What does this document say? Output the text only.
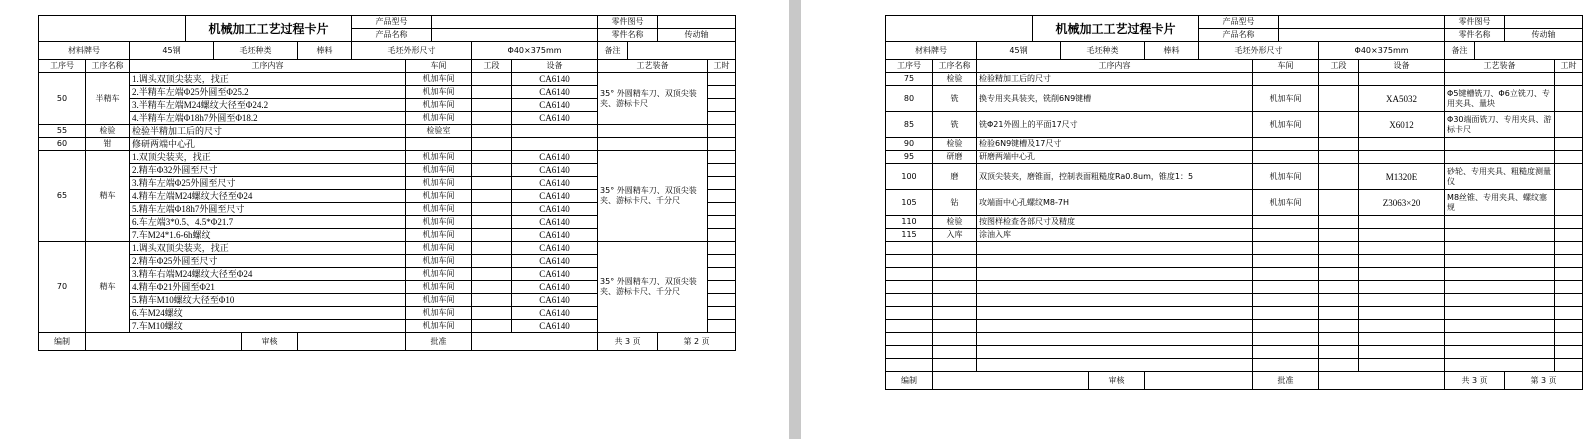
			机械加工工艺过程卡片				产品型号					零件图号			
							产品名称					零件名称		传动轴	
材料牌号		45钢		毛坯种类		棒料	毛坯外形尺寸			Φ40×375mm		备注			
工序号	工序名称	工序内容						车间		工段	设备	工艺装备			工时
50	半精车	1.调头双顶尖装夹，找正						机加车间			CA6140	35° 外圆精车刀、双顶尖装夹、游标卡尺			
		2.半精车左端Φ25外圆至Φ25.2						机加车间			CA6140				
		3.半精车左端M24螺纹大径至Φ24.2						机加车间			CA6140				
		4.半精车左端Φ18h7外圆至Φ18.2						机加车间			CA6140				
55	检验	检验半精加工后的尺寸						检验室							
60	钳	修研两端中心孔													
65	精车	1.双顶尖装夹，找正						机加车间			CA6140	35° 外圆精车刀、双顶尖装夹、游标卡尺、千分尺			
		2.精车Φ32外圆至尺寸						机加车间			CA6140				
		3.精车左端Φ25外圆至尺寸						机加车间			CA6140				
		4.精车左端M24螺纹大径至Φ24						机加车间			CA6140				
		5.精车左端Φ18h7外圆至尺寸						机加车间			CA6140				
		6.车左端3*0.5、4.5*Φ21.7						机加车间			CA6140				
		7.车M24*1.6-6h螺纹						机加车间			CA6140				
70	精车	1.调头双顶尖装夹，找正						机加车间			CA6140	35° 外圆精车刀、双顶尖装夹、游标卡尺、千分尺			
		2.精车Φ25外圆至尺寸						机加车间			CA6140				
		3.精车右端M24螺纹大径至Φ24						机加车间			CA6140				
		4.精车Φ21外圆至Φ21						机加车间			CA6140				
		5.精车M10螺纹大径至Φ10						机加车间			CA6140				
		6.车M24螺纹						机加车间			CA6140				
		7.车M10螺纹						机加车间			CA6140				
编制					审核			批准				共 3 页		第 2 页	
			机械加工工艺过程卡片				产品型号					零件图号			
							产品名称					零件名称		传动轴	
材料牌号		45钢		毛坯种类		棒料	毛坯外形尺寸			Φ40×375mm		备注			
工序号	工序名称	工序内容						车间		工段	设备	工艺装备			工时
75	检验	检验精加工后的尺寸													
80	铣	换专用夹具装夹，铣削6N9键槽						机加车间			XA5032	Φ5键槽铣刀、Φ6立铣刀、专用夹具、量块			
85	铣	铣Φ21外圆上的平面17尺寸						机加车间			X6012	Φ30端面铣刀、专用夹具、游标卡尺			
90	检验	检验6N9键槽及17尺寸													
95	研磨	研磨两端中心孔													
100	磨	双顶尖装夹，磨锥面，控制表面粗糙度Ra0.8um，锥度1：5						机加车间			M1320E	砂轮、专用夹具、粗糙度测量仪			
105	钻	攻端面中心孔螺纹M8-7H						机加车间			Z3063×20	M8丝锥、专用夹具、螺纹塞规			
110	检验	按图样检查各部尺寸及精度													
115	入库	涂油入库													

编制					审核			批准				共 3 页		第 3 页	
